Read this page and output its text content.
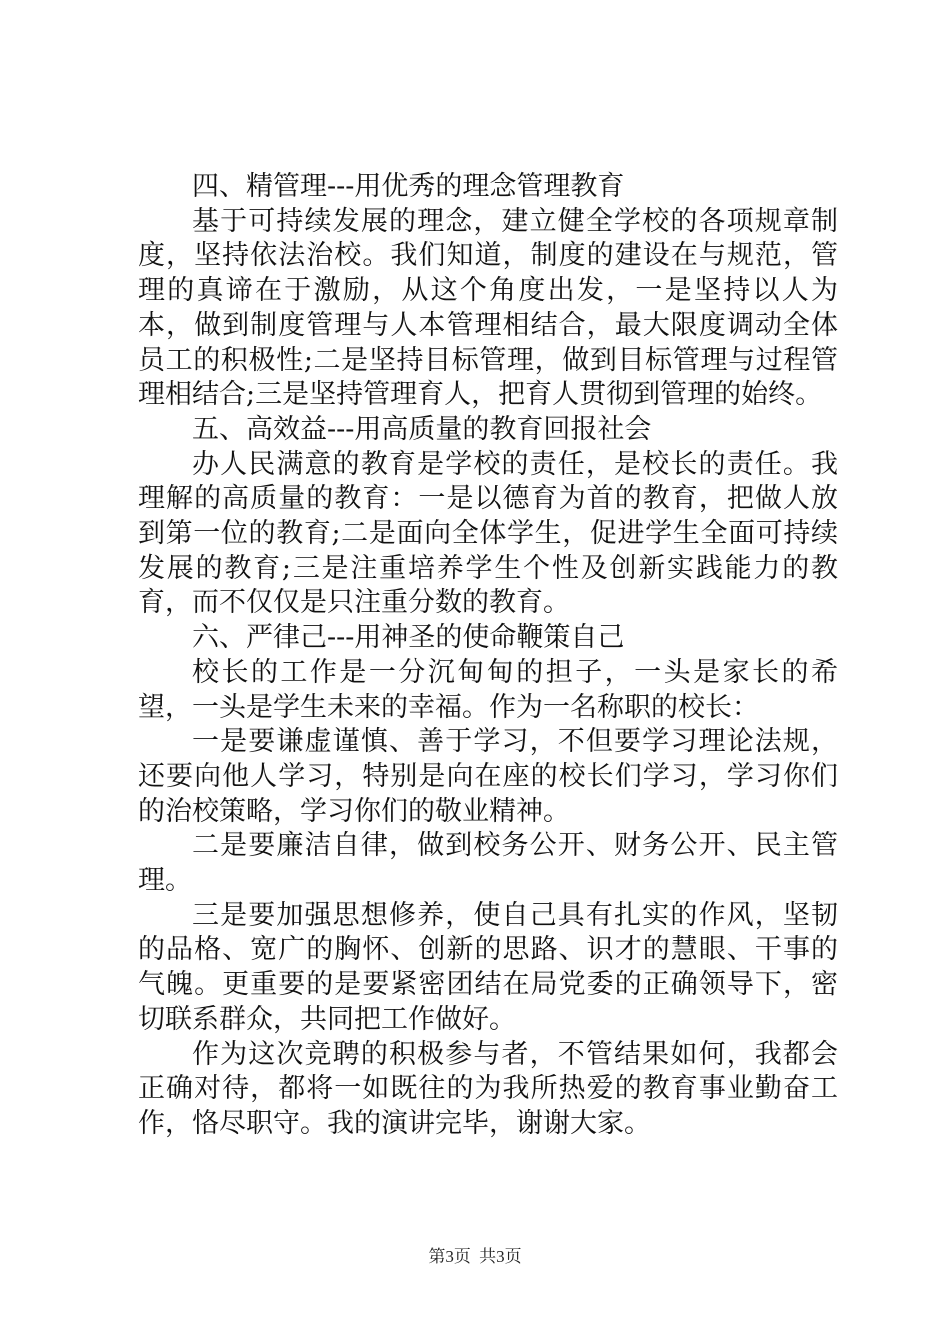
四、精管理---用优秀的理念管理教育

基于可持续发展的理念，建立健全学校的各项规章制度，坚持依法治校。我们知道，制度的建设在与规范，管理的真谛在于激励，从这个角度出发，一是坚持以人为本，做到制度管理与人本管理相结合，最大限度调动全体员工的积极性;二是坚持目标管理，做到目标管理与过程管理相结合;三是坚持管理育人，把育人贯彻到管理的始终。

五、高效益---用高质量的教育回报社会

办人民满意的教育是学校的责任，是校长的责任。我理解的高质量的教育：一是以德育为首的教育，把做人放到第一位的教育;二是面向全体学生，促进学生全面可持续发展的教育;三是注重培养学生个性及创新实践能力的教育，而不仅仅是只注重分数的教育。

六、严律己---用神圣的使命鞭策自己

校长的工作是一分沉甸甸的担子，一头是家长的希望，一头是学生未来的幸福。作为一名称职的校长：

一是要谦虚谨慎、善于学习，不但要学习理论法规，还要向他人学习，特别是向在座的校长们学习，学习你们的治校策略，学习你们的敬业精神。

二是要廉洁自律，做到校务公开、财务公开、民主管理。

三是要加强思想修养，使自己具有扎实的作风，坚韧的品格、宽广的胸怀、创新的思路、识才的慧眼、干事的气魄。更重要的是要紧密团结在局党委的正确领导下，密切联系群众，共同把工作做好。

作为这次竞聘的积极参与者，不管结果如何，我都会正确对待，都将一如既往的为我所热爱的教育事业勤奋工作，恪尽职守。我的演讲完毕，谢谢大家。

第3页 共3页
